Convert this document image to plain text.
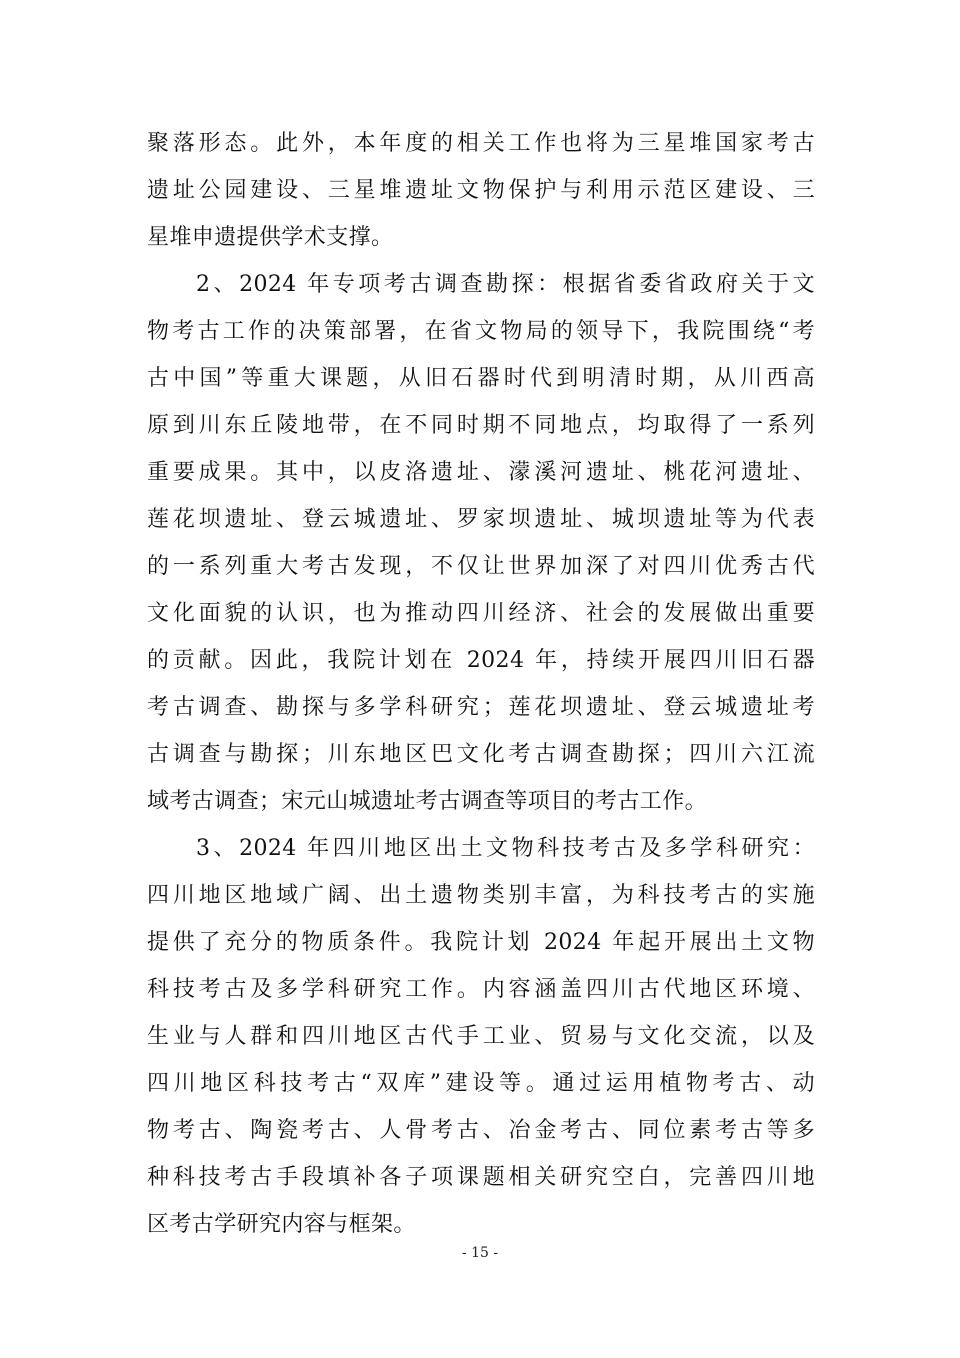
聚落形态。此外，本年度的相关工作也将为三星堆国家考古

遗址公园建设、三星堆遗址文物保护与利用示范区建设、三

星堆申遗提供学术支撑。

2、2024 年专项考古调查勘探：根据省委省政府关于文

物考古工作的决策部署，在省文物局的领导下，我院围绕“考

古中国”等重大课题，从旧石器时代到明清时期，从川西高

原到川东丘陵地带，在不同时期不同地点，均取得了一系列

重要成果。其中，以皮洛遗址、濛溪河遗址、桃花河遗址、

莲花坝遗址、登云城遗址、罗家坝遗址、城坝遗址等为代表

的一系列重大考古发现，不仅让世界加深了对四川优秀古代

文化面貌的认识，也为推动四川经济、社会的发展做出重要

的贡献。因此，我院计划在 2024 年，持续开展四川旧石器

考古调查、勘探与多学科研究；莲花坝遗址、登云城遗址考

古调查与勘探；川东地区巴文化考古调查勘探；四川六江流

域考古调查；宋元山城遗址考古调查等项目的考古工作。

3、2024 年四川地区出土文物科技考古及多学科研究：

四川地区地域广阔、出土遗物类别丰富，为科技考古的实施

提供了充分的物质条件。我院计划 2024 年起开展出土文物

科技考古及多学科研究工作。内容涵盖四川古代地区环境、

生业与人群和四川地区古代手工业、贸易与文化交流，以及

四川地区科技考古“双库”建设等。通过运用植物考古、动

物考古、陶瓷考古、人骨考古、冶金考古、同位素考古等多

种科技考古手段填补各子项课题相关研究空白，完善四川地

区考古学研究内容与框架。

- 15 -
